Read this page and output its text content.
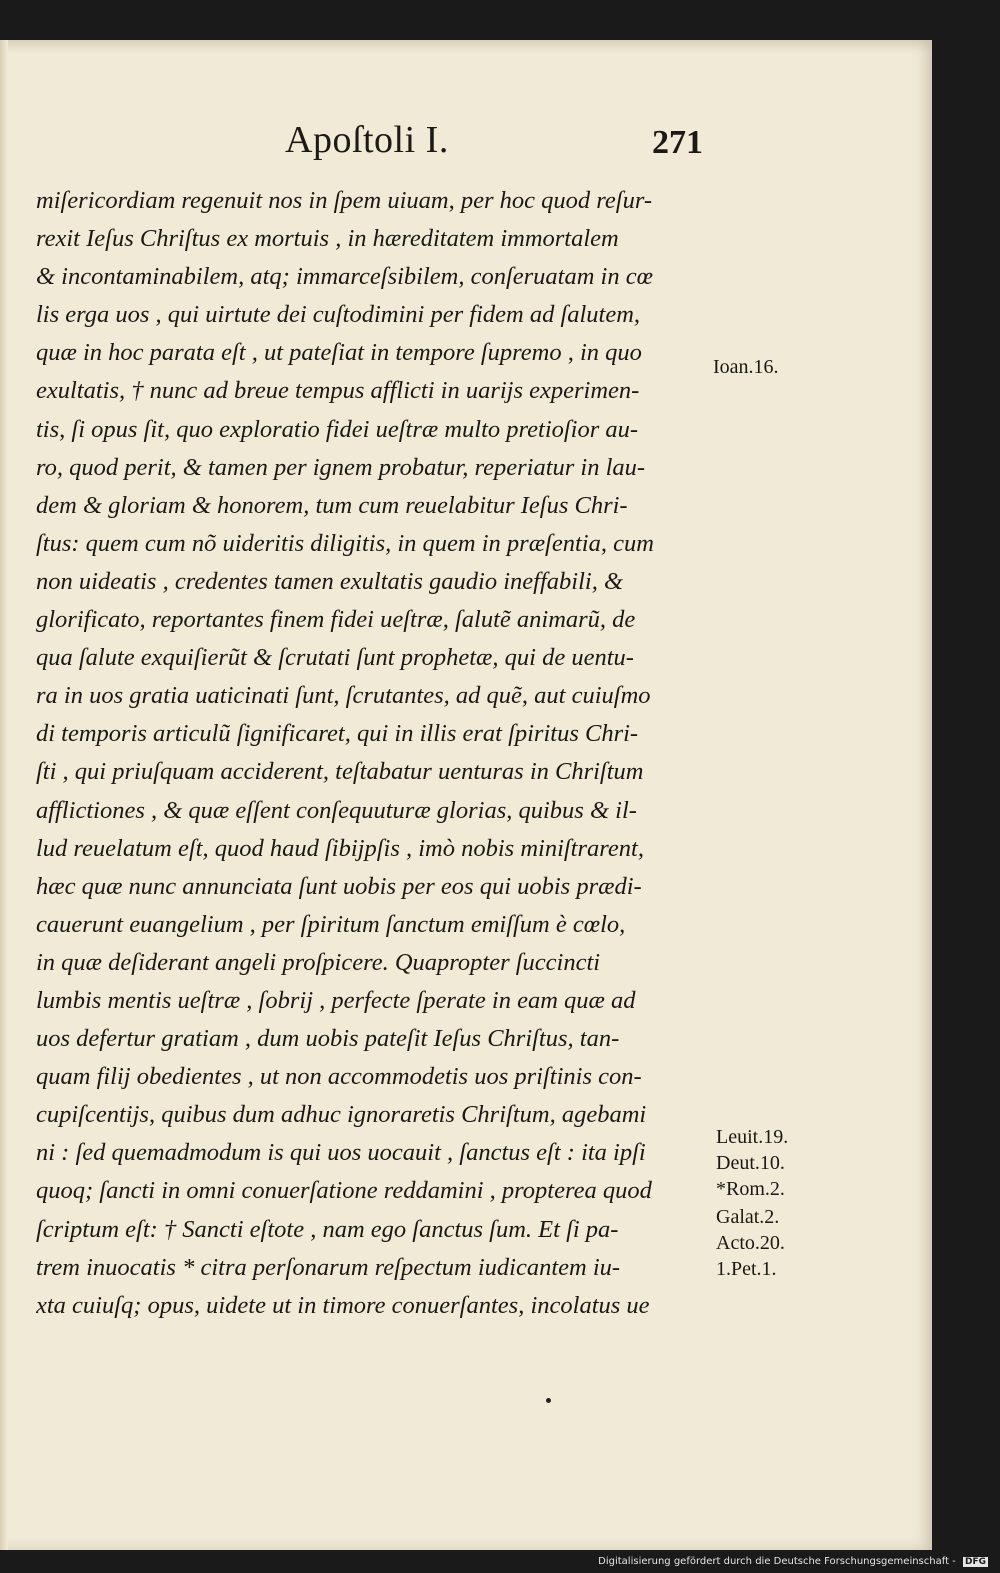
Apoſtoli I.	271
miſericordiam regenuit nos in ſpem uiuam, per hoc quod reſur-
rexit Ieſus Chriſtus ex mortuis , in hæreditatem immortalem
& incontaminabilem, atq; immarceſsibilem, conſeruatam in cœ
lis erga uos , qui uirtute dei cuſtodimini per fidem ad ſalutem,
quæ in hoc parata eſt , ut pateſiat in tempore ſupremo , in quo
exultatis, † nunc ad breue tempus afflicti in uarijs experimen-
tis, ſi opus ſit, quo exploratio fidei ueſtræ multo pretioſior au-
ro, quod perit, & tamen per ignem probatur, reperiatur in lau-
dem & gloriam & honorem, tum cum reuelabitur Ieſus Chri-
ſtus: quem cum nõ uideritis diligitis, in quem in præſentia, cum
non uideatis , credentes tamen exultatis gaudio ineffabili, &
glorificato, reportantes finem fidei ueſtræ, ſalutẽ animarũ, de
qua ſalute exquiſierũt & ſcrutati ſunt prophetæ, qui de uentu-
ra in uos gratia uaticinati ſunt, ſcrutantes, ad quẽ, aut cuiuſmo
di temporis articulũ ſignificaret, qui in illis erat ſpiritus Chri-
ſti , qui priuſquam acciderent, teſtabatur uenturas in Chriſtum
afflictiones , & quæ eſſent conſequuturæ glorias, quibus & il-
lud reuelatum eſt, quod haud ſibijpſis , imò nobis miniſtrarent,
hæc quæ nunc annunciata ſunt uobis per eos qui uobis prædi-
cauerunt euangelium , per ſpiritum ſanctum emiſſum è cœlo,
in quæ deſiderant angeli proſpicere. Quapropter ſuccincti
lumbis mentis ueſtræ , ſobrij , perfecte ſperate in eam quæ ad
uos defertur gratiam , dum uobis pateſit Ieſus Chriſtus, tan-
quam filij obedientes , ut non accommodetis uos priſtinis con-
cupiſcentijs, quibus dum adhuc ignoraretis Chriſtum, agebami
ni : ſed quemadmodum is qui uos uocauit , ſanctus eſt : ita ipſi
quoq; ſancti in omni conuerſatione reddamini , propterea quod
ſcriptum eſt: † Sancti eſtote , nam ego ſanctus ſum. Et ſi pa-
trem inuocatis * citra perſonarum reſpectum iudicantem iu-
xta cuiuſq; opus, uidete ut in timore conuerſantes, incolatus ue
Ioan.16.
Leuit.19.
Deut.10.
*Rom.2.
Galat.2.
Acto.20.
1.Pet.1.
Digitalisierung gefördert durch die Deutsche Forschungsgemeinschaft - DFG
